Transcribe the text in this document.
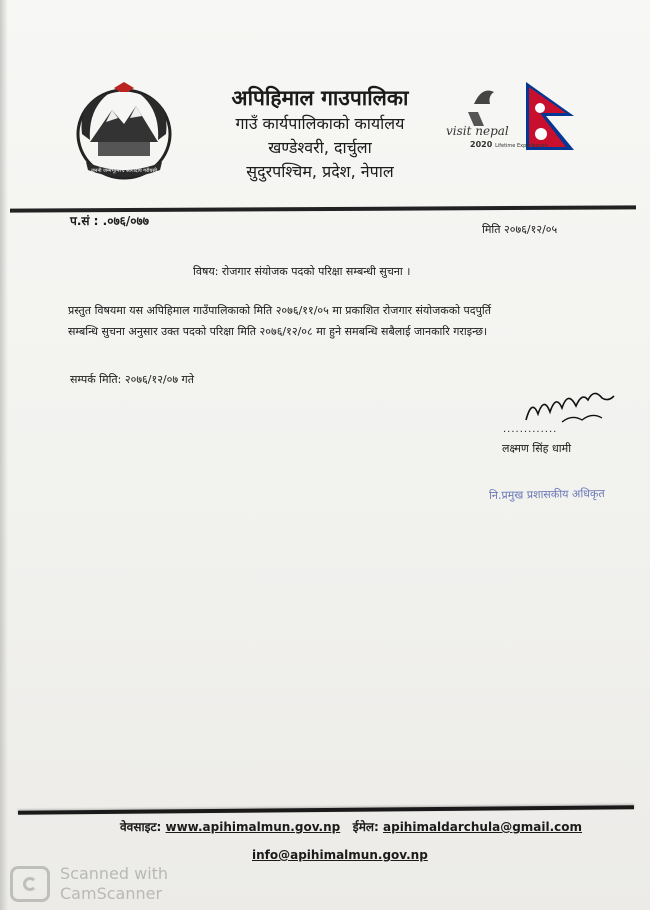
जननी जन्मभूमिश्च स्वर्गादपि गरीयसी
अपिहिमाल गाउपालिका
गाउँ कार्यपालिकाको कार्यालय
खण्डेश्वरी, दार्चुला
सुदुरपश्चिम, प्रदेश, नेपाल
visit nepal
2020 Lifetime Experiences
प.सं : .०७६/०७७
मिति २०७६/१२/०५
विषय: रोजगार संयोजक पदको परिक्षा सम्बन्धी सुचना ।
प्रस्तुत विषयमा यस अपिहिमाल गाउँपालिकाको मिति २०७६/११/०५ मा प्रकाशित रोजगार संयोजकको पदपुर्ति
सम्बन्धि सुचना अनुसार उक्त पदको परिक्षा मिति २०७६/१२/०८ मा हुने समबन्धि सबैलाई जानकारि गराइन्छ।
सम्पर्क मिति: २०७६/१२/०७ गते
.............
लक्ष्मण सिंह धामी
नि.प्रमुख प्रशासकीय अधिकृत
वेवसाइट: www.apihimalmun.gov.np ईमेल: apihimaldarchula@gmail.com
info@apihimalmun.gov.np
Scanned with
CamScanner
